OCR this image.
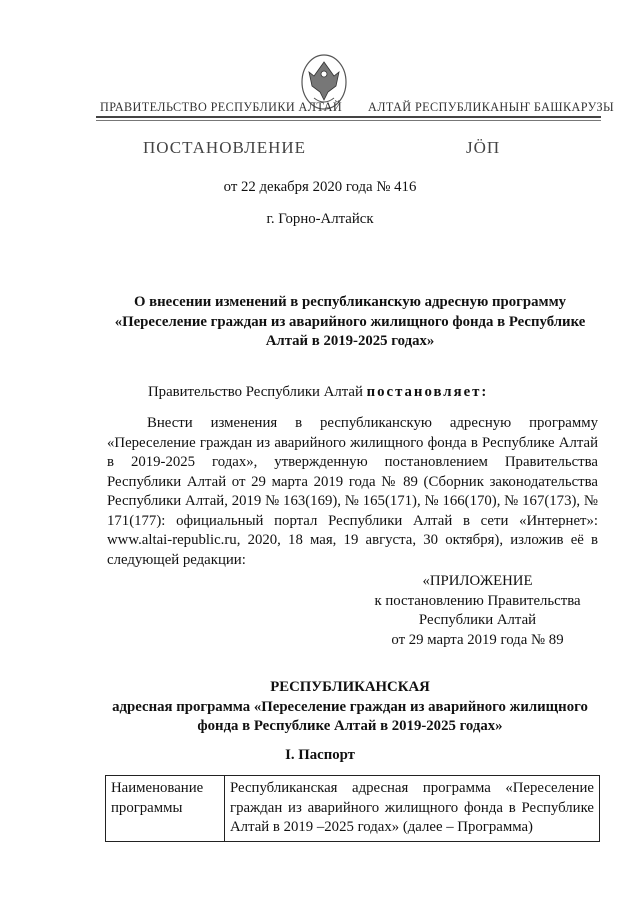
ПРАВИТЕЛЬСТВО РЕСПУБЛИКИ АЛТАЙ АЛТАЙ РЕСПУБЛИКАНЫҤ БАШКАРУЗЫ
ПОСТАНОВЛЕНИЕ	ЈӦП
от 22 декабря 2020 года № 416
г. Горно-Алтайск
О внесении изменений в республиканскую адресную программу «Переселение граждан из аварийного жилищного фонда в Республике Алтай в 2019-2025 годах»
Правительство Республики Алтай постановляет:
Внести изменения в республиканскую адресную программу «Переселение граждан из аварийного жилищного фонда в Республике Алтай в 2019-2025 годах», утвержденную постановлением Правительства Республики Алтай от 29 марта 2019 года № 89 (Сборник законодательства Республики Алтай, 2019 № 163(169), № 165(171), № 166(170), № 167(173), № 171(177): официальный портал Республики Алтай в сети «Интернет»: www.altai-republic.ru, 2020, 18 мая, 19 августа, 30 октября), изложив её в следующей редакции:
«ПРИЛОЖЕНИЕ
к постановлению Правительства
Республики Алтай
от 29 марта 2019 года № 89
РЕСПУБЛИКАНСКАЯ
адресная программа «Переселение граждан из аварийного жилищного фонда в Республике Алтай в 2019-2025 годах»
I. Паспорт
Наименование программы	Республиканская адресная программа «Переселение граждан из аварийного жилищного фонда в Республике Алтай в 2019 –2025 годах» (далее – Программа)
